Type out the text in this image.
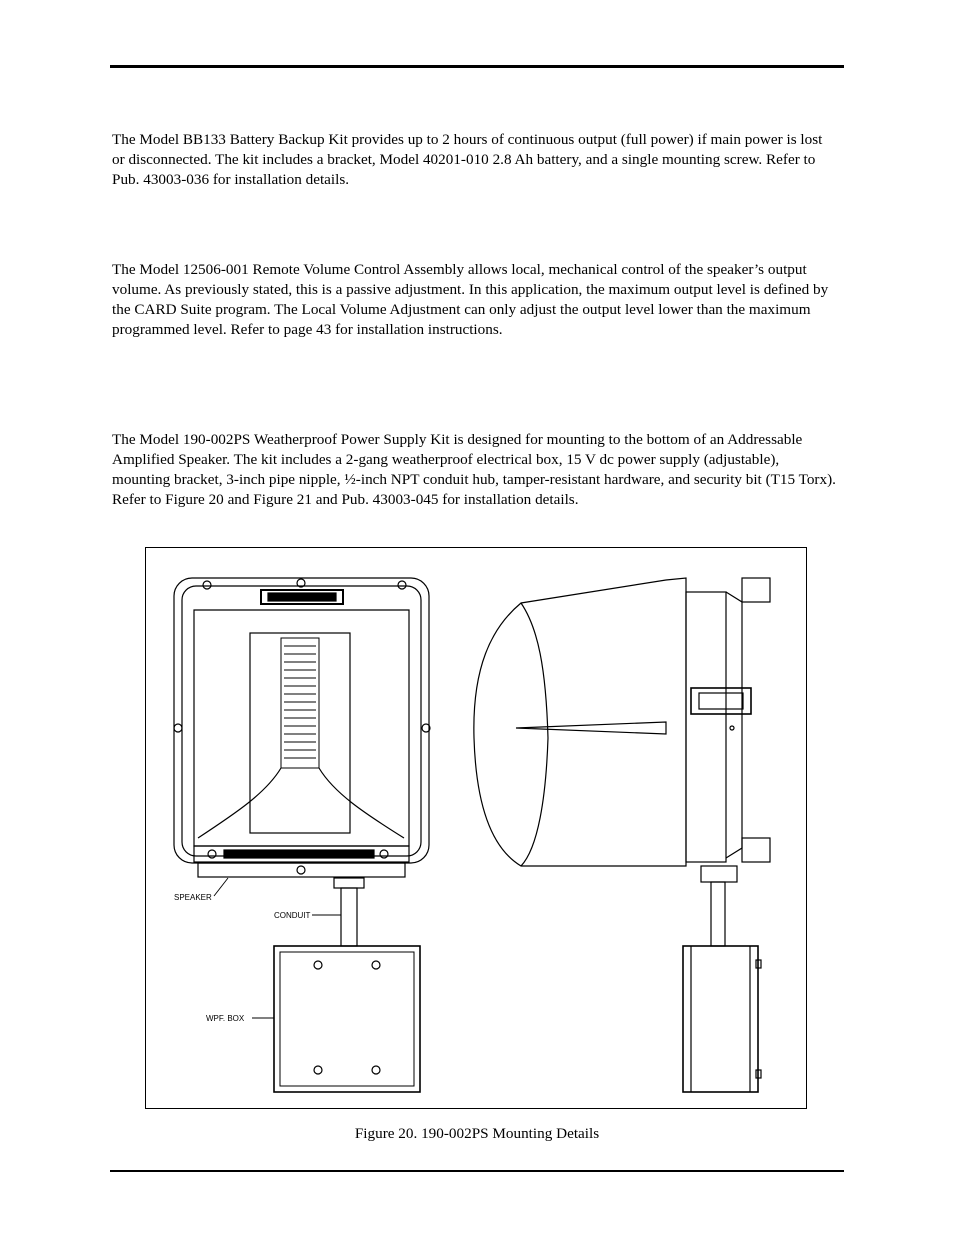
The Model BB133 Battery Backup Kit provides up to 2 hours of continuous output (full power) if main power is lost or disconnected. The kit includes a bracket, Model 40201-010 2.8 Ah battery, and a single mounting screw. Refer to Pub. 43003-036 for installation details.

The Model 12506-001 Remote Volume Control Assembly allows local, mechanical control of the speaker’s output volume. As previously stated, this is a passive adjustment. In this application, the maximum output level is defined by the CARD Suite program. The Local Volume Adjustment can only adjust the output level lower than the maximum programmed level. Refer to page 43 for installation instructions.

The Model 190-002PS Weatherproof Power Supply Kit is designed for mounting to the bottom of an Addressable Amplified Speaker. The kit includes a 2-gang weatherproof electrical box, 15 V dc power supply (adjustable), mounting bracket, 3-inch pipe nipple, ½-inch NPT conduit hub, tamper-resistant hardware, and security bit (T15 Torx). Refer to Figure 20 and Figure 21 and Pub. 43003-045 for installation details.

SPEAKER
CONDUIT
WPF. BOX
Figure 20. 190-002PS Mounting Details
